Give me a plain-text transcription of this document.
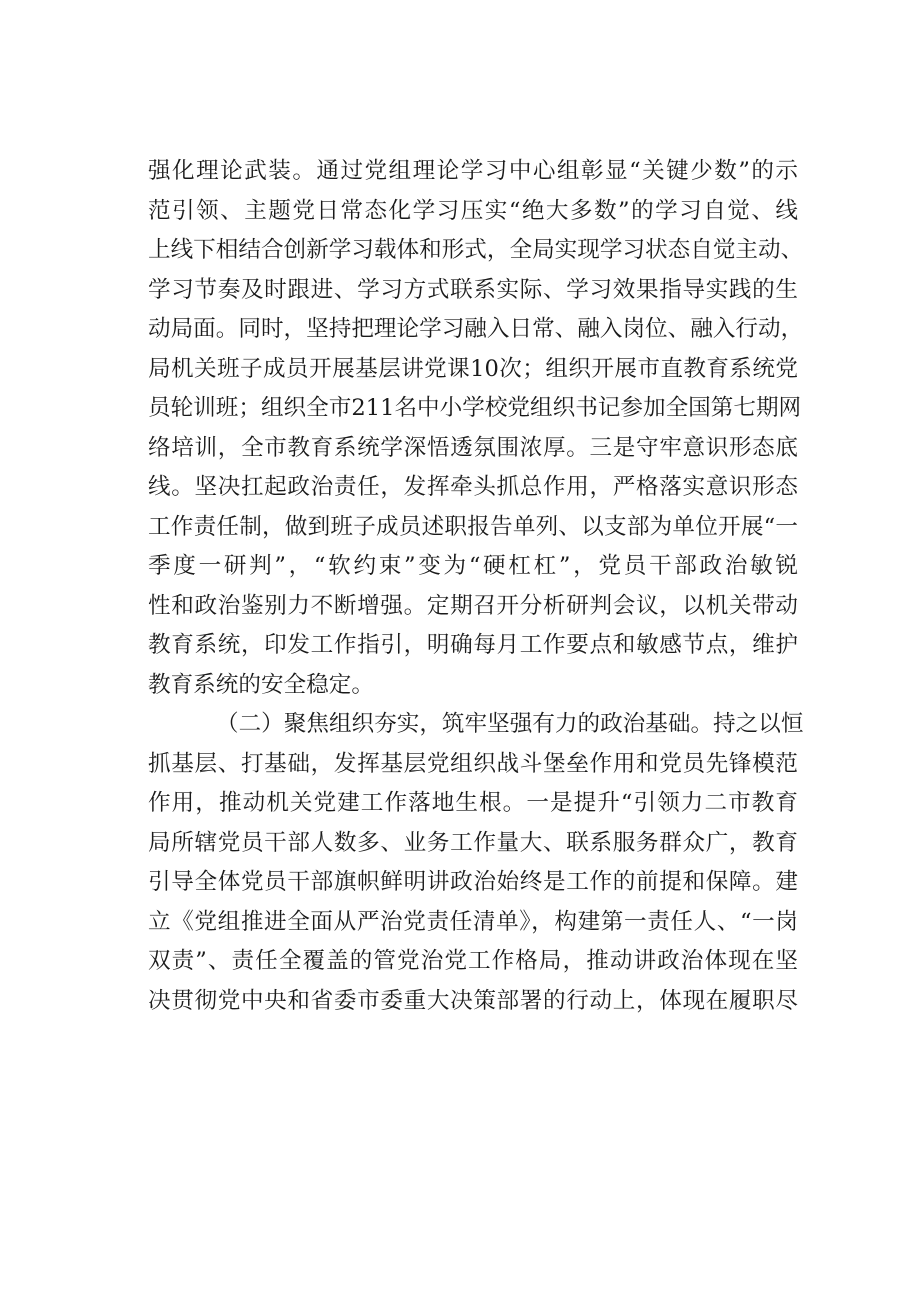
强化理论武装。通过党组理论学习中心组彰显“关键少数”的示
范引领、主题党日常态化学习压实“绝大多数”的学习自觉、线
上线下相结合创新学习载体和形式，全局实现学习状态自觉主动、
学习节奏及时跟进、学习方式联系实际、学习效果指导实践的生
动局面。同时，坚持把理论学习融入日常、融入岗位、融入行动，
局机关班子成员开展基层讲党课10次；组织开展市直教育系统党
员轮训班；组织全市211名中小学校党组织书记参加全国第七期网
络培训，全市教育系统学深悟透氛围浓厚。三是守牢意识形态底
线。坚决扛起政治责任，发挥牵头抓总作用，严格落实意识形态
工作责任制，做到班子成员述职报告单列、以支部为单位开展“一
季度一研判”，“软约束”变为“硬杠杠”，党员干部政治敏锐
性和政治鉴别力不断增强。定期召开分析研判会议，以机关带动
教育系统，印发工作指引，明确每月工作要点和敏感节点，维护
教育系统的安全稳定。
（二）聚焦组织夯实，筑牢坚强有力的政治基础。持之以恒
抓基层、打基础，发挥基层党组织战斗堡垒作用和党员先锋模范
作用，推动机关党建工作落地生根。一是提升“引领力二市教育
局所辖党员干部人数多、业务工作量大、联系服务群众广，教育
引导全体党员干部旗帜鲜明讲政治始终是工作的前提和保障。建
立《党组推进全面从严治党责任清单》，构建第一责任人、“一岗
双责”、责任全覆盖的管党治党工作格局，推动讲政治体现在坚
决贯彻党中央和省委市委重大决策部署的行动上，体现在履职尽
